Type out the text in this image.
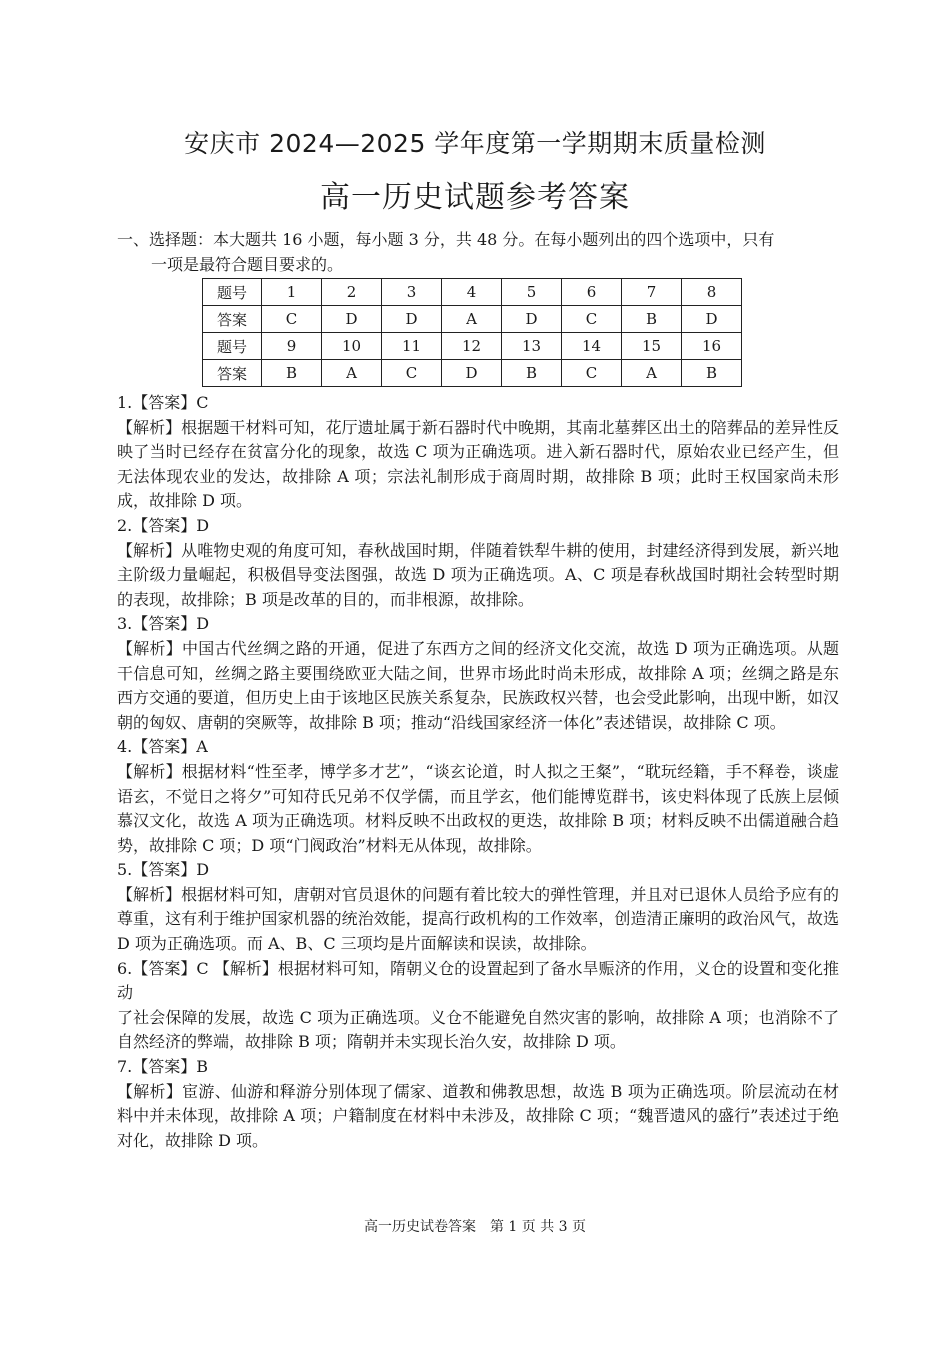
安庆市 2024—2025 学年度第一学期期末质量检测
高一历史试题参考答案
一、选择题：本大题共 16 小题，每小题 3 分，共 48 分。在每小题列出的四个选项中，只有
一项是最符合题目要求的。
题号	1	2	3	4	5	6	7	8
答案	C	D	D	A	D	C	B	D
题号	9	10	11	12	13	14	15	16
答案	B	A	C	D	B	C	A	B

1.【答案】C

【解析】根据题干材料可知，花厅遗址属于新石器时代中晚期，其南北墓葬区出土的陪葬品的差异性反映了当时已经存在贫富分化的现象，故选 C 项为正确选项。进入新石器时代，原始农业已经产生，但无法体现农业的发达，故排除 A 项；宗法礼制形成于商周时期，故排除 B 项；此时王权国家尚未形成，故排除 D 项。

2.【答案】D

【解析】从唯物史观的角度可知，春秋战国时期，伴随着铁犁牛耕的使用，封建经济得到发展，新兴地主阶级力量崛起，积极倡导变法图强，故选 D 项为正确选项。A、C 项是春秋战国时期社会转型时期的表现，故排除；B 项是改革的目的，而非根源，故排除。

3.【答案】D

【解析】中国古代丝绸之路的开通，促进了东西方之间的经济文化交流，故选 D 项为正确选项。从题干信息可知，丝绸之路主要围绕欧亚大陆之间，世界市场此时尚未形成，故排除 A 项；丝绸之路是东西方交通的要道，但历史上由于该地区民族关系复杂，民族政权兴替，也会受此影响，出现中断，如汉朝的匈奴、唐朝的突厥等，故排除 B 项；推动“沿线国家经济一体化”表述错误，故排除 C 项。

4.【答案】A

【解析】根据材料“性至孝，博学多才艺”，“谈玄论道，时人拟之王粲”，“耽玩经籍，手不释卷，谈虚语玄，不觉日之将夕”可知苻氏兄弟不仅学儒，而且学玄，他们能博览群书，该史料体现了氐族上层倾慕汉文化，故选 A 项为正确选项。材料反映不出政权的更迭，故排除 B 项；材料反映不出儒道融合趋势，故排除 C 项；D 项“门阀政治”材料无从体现，故排除。

5.【答案】D

【解析】根据材料可知，唐朝对官员退休的问题有着比较大的弹性管理，并且对已退休人员给予应有的尊重，这有利于维护国家机器的统治效能，提高行政机构的工作效率，创造清正廉明的政治风气，故选 D 项为正确选项。而 A、B、C 三项均是片面解读和误读，故排除。

6.【答案】C 【解析】根据材料可知，隋朝义仓的设置起到了备水旱赈济的作用，义仓的设置和变化推动

了社会保障的发展，故选 C 项为正确选项。义仓不能避免自然灾害的影响，故排除 A 项；也消除不了自然经济的弊端，故排除 B 项；隋朝并未实现长治久安，故排除 D 项。

7.【答案】B

【解析】宦游、仙游和释游分别体现了儒家、道教和佛教思想，故选 B 项为正确选项。阶层流动在材料中并未体现，故排除 A 项；户籍制度在材料中未涉及，故排除 C 项；“魏晋遗风的盛行”表述过于绝对化，故排除 D 项。

高一历史试卷答案　第 1 页 共 3 页
